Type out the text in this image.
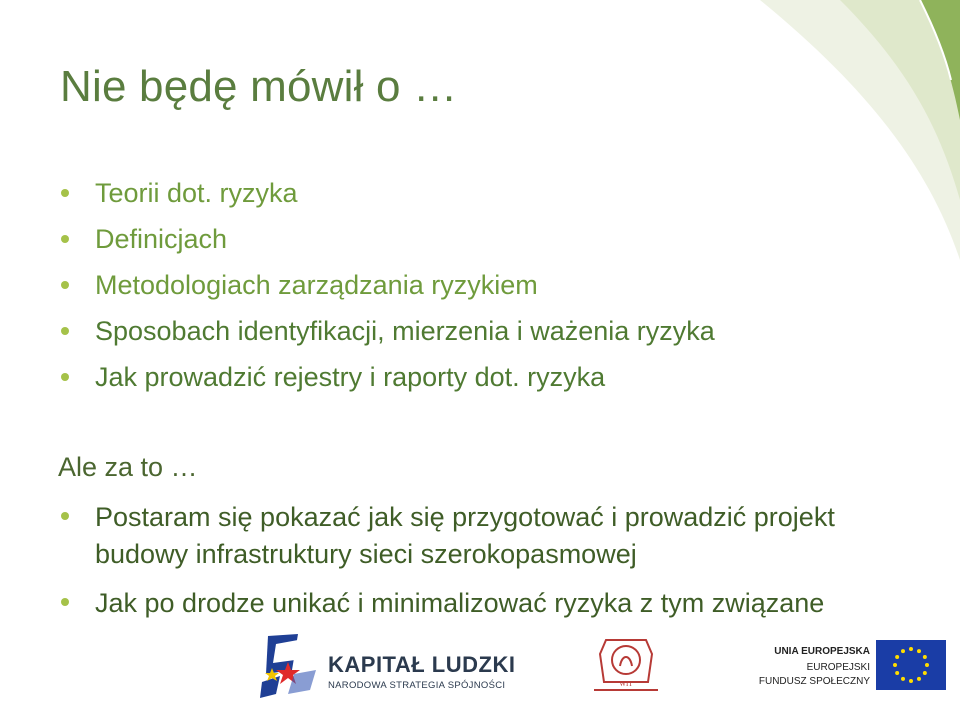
Nie będę mówił o …
Teorii dot. ryzyka
Definicjach
Metodologiach zarządzania ryzykiem
Sposobach identyfikacji, mierzenia i ważenia ryzyka
Jak prowadzić rejestry i raporty dot. ryzyka
Ale za to …
Postaram się pokazać jak się przygotować i prowadzić projekt
budowy infrastruktury sieci szerokopasmowej
Jak po drodze unikać i minimalizować ryzyka z tym związane
KAPITAŁ LUDZKI
NARODOWA STRATEGIA SPÓJNOŚCI	WIT
UNIA EUROPEJSKA
EUROPEJSKI
FUNDUSZ SPOŁECZNY
